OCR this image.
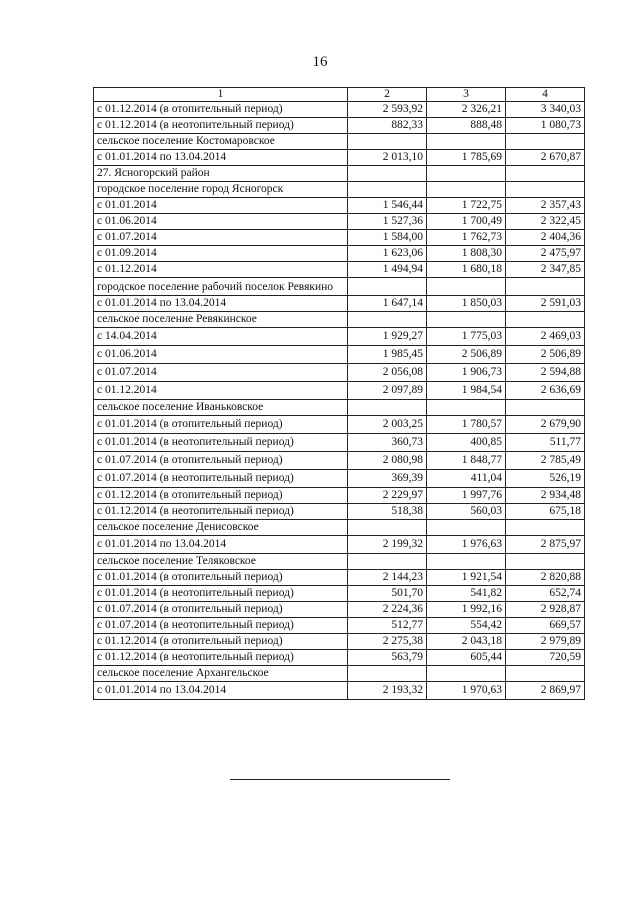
16
1	2	3	4
с 01.12.2014 (в отопительный период)	2 593,92	2 326,21	3 340,03
с 01.12.2014 (в неотопительный период)	882,33	888,48	1 080,73
сельское поселение Костомаровское			
с 01.01.2014 по 13.04.2014	2 013,10	1 785,69	2 670,87
27. Ясногорский район			
городское поселение город Ясногорск			
с 01.01.2014	1 546,44	1 722,75	2 357,43
с 01.06.2014	1 527,36	1 700,49	2 322,45
с 01.07.2014	1 584,00	1 762,73	2 404,36
с 01.09.2014	1 623,06	1 808,30	2 475,97
с 01.12.2014	1 494,94	1 680,18	2 347,85
городское поселение рабочий поселок Ревякино			
с 01.01.2014 по 13.04.2014	1 647,14	1 850,03	2 591,03
сельское поселение Ревякинское			
с 14.04.2014	1 929,27	1 775,03	2 469,03
с 01.06.2014	1 985,45	2 506,89	2 506,89
с 01.07.2014	2 056,08	1 906,73	2 594,88
с 01.12.2014	2 097,89	1 984,54	2 636,69
сельское поселение Иваньковское			
с 01.01.2014 (в отопительный период)	2 003,25	1 780,57	2 679,90
с 01.01.2014 (в неотопительный период)	360,73	400,85	511,77
с 01.07.2014 (в отопительный период)	2 080,98	1 848,77	2 785,49
с 01.07.2014 (в неотопительный период)	369,39	411,04	526,19
с 01.12.2014 (в отопительный период)	2 229,97	1 997,76	2 934,48
с 01.12.2014 (в неотопительный период)	518,38	560,03	675,18
сельское поселение Денисовское			
с 01.01.2014 по 13.04.2014	2 199,32	1 976,63	2 875,97
сельское поселение Теляковское			
с 01.01.2014 (в отопительный период)	2 144,23	1 921,54	2 820,88
с 01.01.2014 (в неотопительный период)	501,70	541,82	652,74
с 01.07.2014 (в отопительный период)	2 224,36	1 992,16	2 928,87
с 01.07.2014 (в неотопительный период)	512,77	554,42	669,57
с 01.12.2014 (в отопительный период)	2 275,38	2 043,18	2 979,89
с 01.12.2014 (в неотопительный период)	563,79	605,44	720,59
сельское поселение Архангельское			
с 01.01.2014 по 13.04.2014	2 193,32	1 970,63	2 869,97
